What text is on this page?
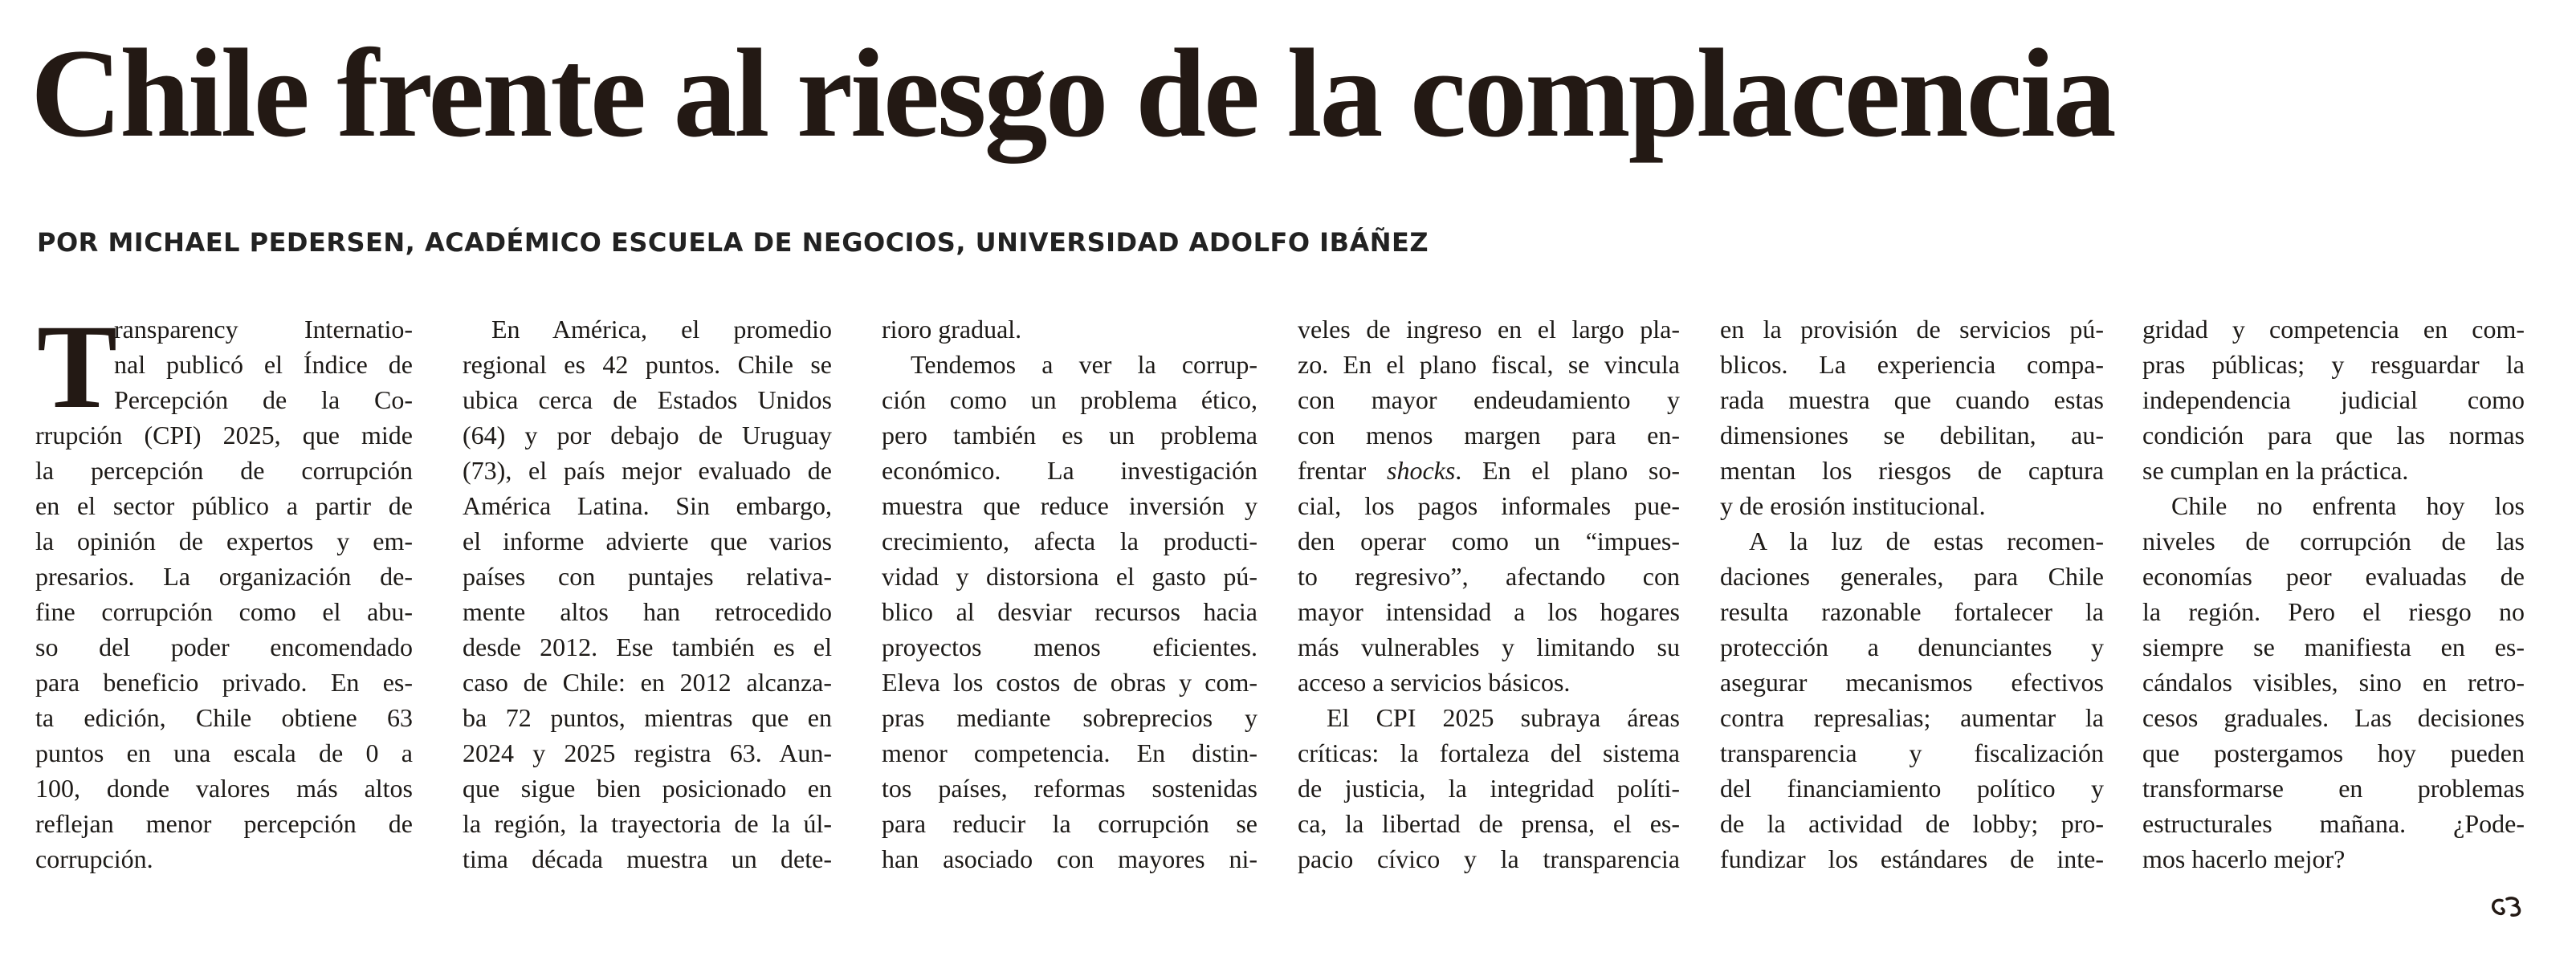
Chile frente al riesgo de la complacencia

POR MICHAEL PEDERSEN, ACADÉMICO ESCUELA DE NEGOCIOS, UNIVERSIDAD ADOLFO IBÁÑEZ

T
ransparency Internatio-
nal publicó el Índice de
Percepción de la Co-
rrupción (CPI) 2025, que mide
la percepción de corrupción
en el sector público a partir de
la opinión de expertos y em-
presarios. La organización de-
fine corrupción como el abu-
so del poder encomendado
para beneficio privado. En es-
ta edición, Chile obtiene 63
puntos en una escala de 0 a
100, donde valores más altos
reflejan menor percepción de
corrupción.
En América, el promedio
regional es 42 puntos. Chile se
ubica cerca de Estados Unidos
(64) y por debajo de Uruguay
(73), el país mejor evaluado de
América Latina. Sin embargo,
el informe advierte que varios
países con puntajes relativa-
mente altos han retrocedido
desde 2012. Ese también es el
caso de Chile: en 2012 alcanza-
ba 72 puntos, mientras que en
2024 y 2025 registra 63. Aun-
que sigue bien posicionado en
la región, la trayectoria de la úl-
tima década muestra un dete-
rioro gradual.
Tendemos a ver la corrup-
ción como un problema ético,
pero también es un problema
económico. La investigación
muestra que reduce inversión y
crecimiento, afecta la producti-
vidad y distorsiona el gasto pú-
blico al desviar recursos hacia
proyectos menos eficientes.
Eleva los costos de obras y com-
pras mediante sobreprecios y
menor competencia. En distin-
tos países, reformas sostenidas
para reducir la corrupción se
han asociado con mayores ni-
veles de ingreso en el largo pla-
zo. En el plano fiscal, se vincula
con mayor endeudamiento y
con menos margen para en-
frentar shocks. En el plano so-
cial, los pagos informales pue-
den operar como un “impues-
to regresivo”, afectando con
mayor intensidad a los hogares
más vulnerables y limitando su
acceso a servicios básicos.
El CPI 2025 subraya áreas
críticas: la fortaleza del sistema
de justicia, la integridad políti-
ca, la libertad de prensa, el es-
pacio cívico y la transparencia
en la provisión de servicios pú-
blicos. La experiencia compa-
rada muestra que cuando estas
dimensiones se debilitan, au-
mentan los riesgos de captura
y de erosión institucional.
A la luz de estas recomen-
daciones generales, para Chile
resulta razonable fortalecer la
protección a denunciantes y
asegurar mecanismos efectivos
contra represalias; aumentar la
transparencia y fiscalización
del financiamiento político y
de la actividad de lobby; pro-
fundizar los estándares de inte-
gridad y competencia en com-
pras públicas; y resguardar la
independencia judicial como
condición para que las normas
se cumplan en la práctica.
Chile no enfrenta hoy los
niveles de corrupción de las
economías peor evaluadas de
la región. Pero el riesgo no
siempre se manifiesta en es-
cándalos visibles, sino en retro-
cesos graduales. Las decisiones
que postergamos hoy pueden
transformarse en problemas
estructurales mañana. ¿Pode-
mos hacerlo mejor?
